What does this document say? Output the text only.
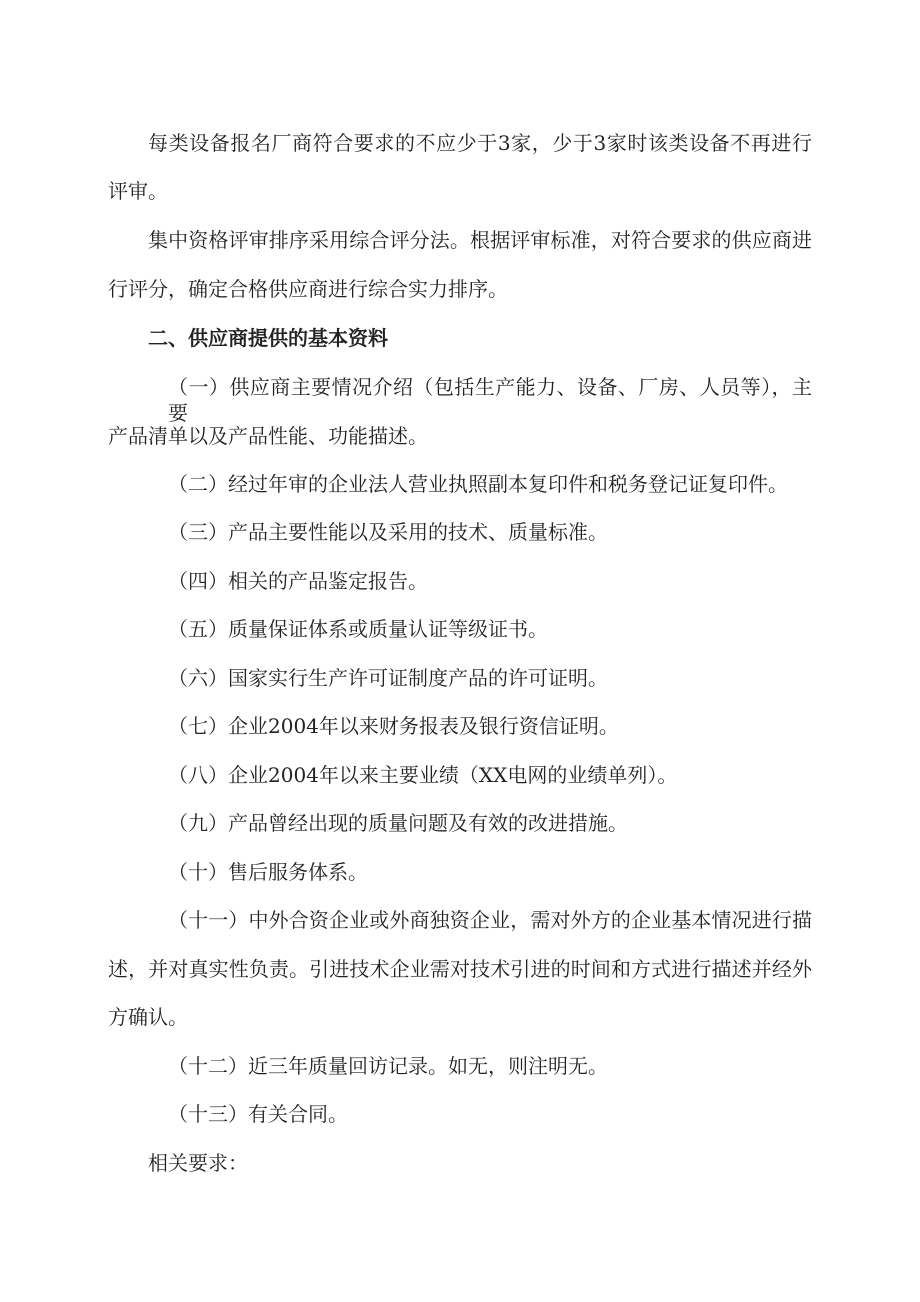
每类设备报名厂商符合要求的不应少于3家，少于3家时该类设备不再进行

评审。

集中资格评审排序采用综合评分法。根据评审标准，对符合要求的供应商进

行评分，确定合格供应商进行综合实力排序。

二、供应商提供的基本资料

（一）供应商主要情况介绍（包括生产能力、设备、厂房、人员等），主要

产品清单以及产品性能、功能描述。

（二）经过年审的企业法人营业执照副本复印件和税务登记证复印件。

（三）产品主要性能以及采用的技术、质量标准。

（四）相关的产品鉴定报告。

（五）质量保证体系或质量认证等级证书。

（六）国家实行生产许可证制度产品的许可证明。

（七）企业2004年以来财务报表及银行资信证明。

（八）企业2004年以来主要业绩（XX电网的业绩单列）。

（九）产品曾经出现的质量问题及有效的改进措施。

（十）售后服务体系。

（十一）中外合资企业或外商独资企业，需对外方的企业基本情况进行描

述，并对真实性负责。引进技术企业需对技术引进的时间和方式进行描述并经外

方确认。

（十二）近三年质量回访记录。如无，则注明无。

（十三）有关合同。

相关要求：
